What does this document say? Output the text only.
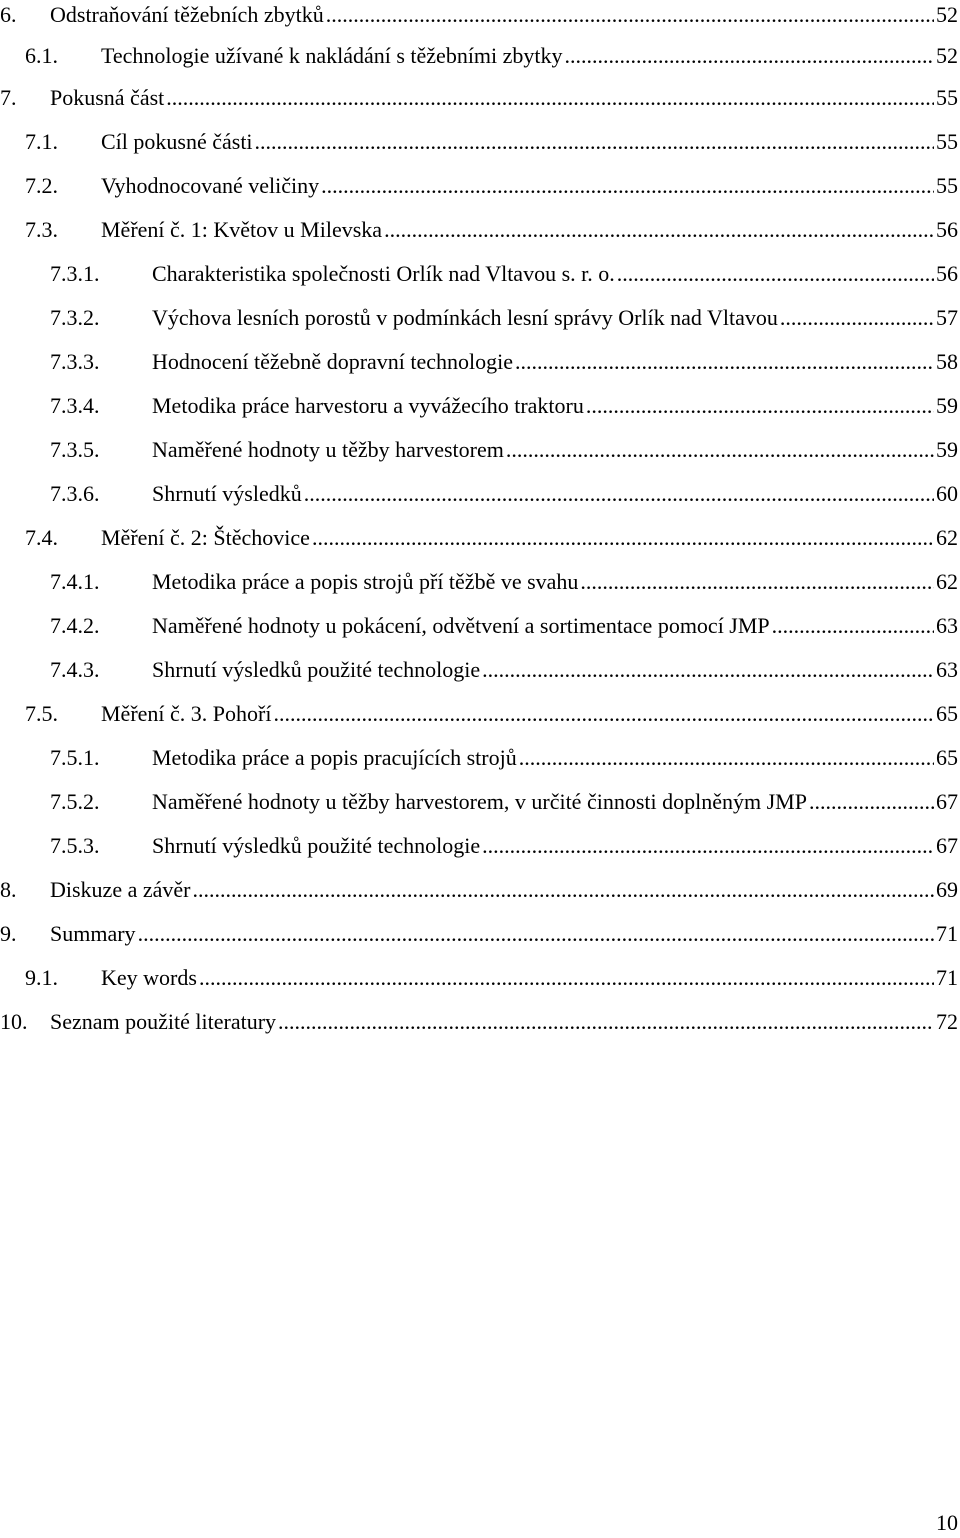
6.	Odstraňování těžebních zbytků .....	52
6.1.	Technologie užívané k nakládání s těžebními zbytky .....	52
7.	Pokusná část .....	55
7.1.	Cíl pokusné části .....	55
7.2.	Vyhodnocované veličiny .....	55
7.3.	Měření č. 1: Květov u Milevska .....	56
7.3.1.	Charakteristika společnosti Orlík nad Vltavou s. r. o. .....	56
7.3.2.	Výchova lesních porostů v podmínkách lesní správy Orlík nad Vltavou .....	57
7.3.3.	Hodnocení těžebně dopravní technologie .....	58
7.3.4.	Metodika práce harvestoru a vyvážecího traktoru .....	59
7.3.5.	Naměřené hodnoty u těžby harvestorem .....	59
7.3.6.	Shrnutí výsledků .....	60
7.4.	Měření č. 2: Štěchovice .....	62
7.4.1.	Metodika práce a popis strojů pří těžbě ve svahu .....	62
7.4.2.	Naměřené hodnoty u pokácení, odvětvení a sortimentace pomocí JMP .....	63
7.4.3.	Shrnutí výsledků použité technologie .....	63
7.5.	Měření č. 3. Pohoří .....	65
7.5.1.	Metodika práce a popis pracujících strojů .....	65
7.5.2.	Naměřené hodnoty u těžby harvestorem, v určité činnosti doplněným JMP .....	67
7.5.3.	Shrnutí výsledků použité technologie .....	67
8.	Diskuze a závěr .....	69
9.	Summary .....	71
9.1.	Key words .....	71
10.	Seznam použité literatury .....	72
10
